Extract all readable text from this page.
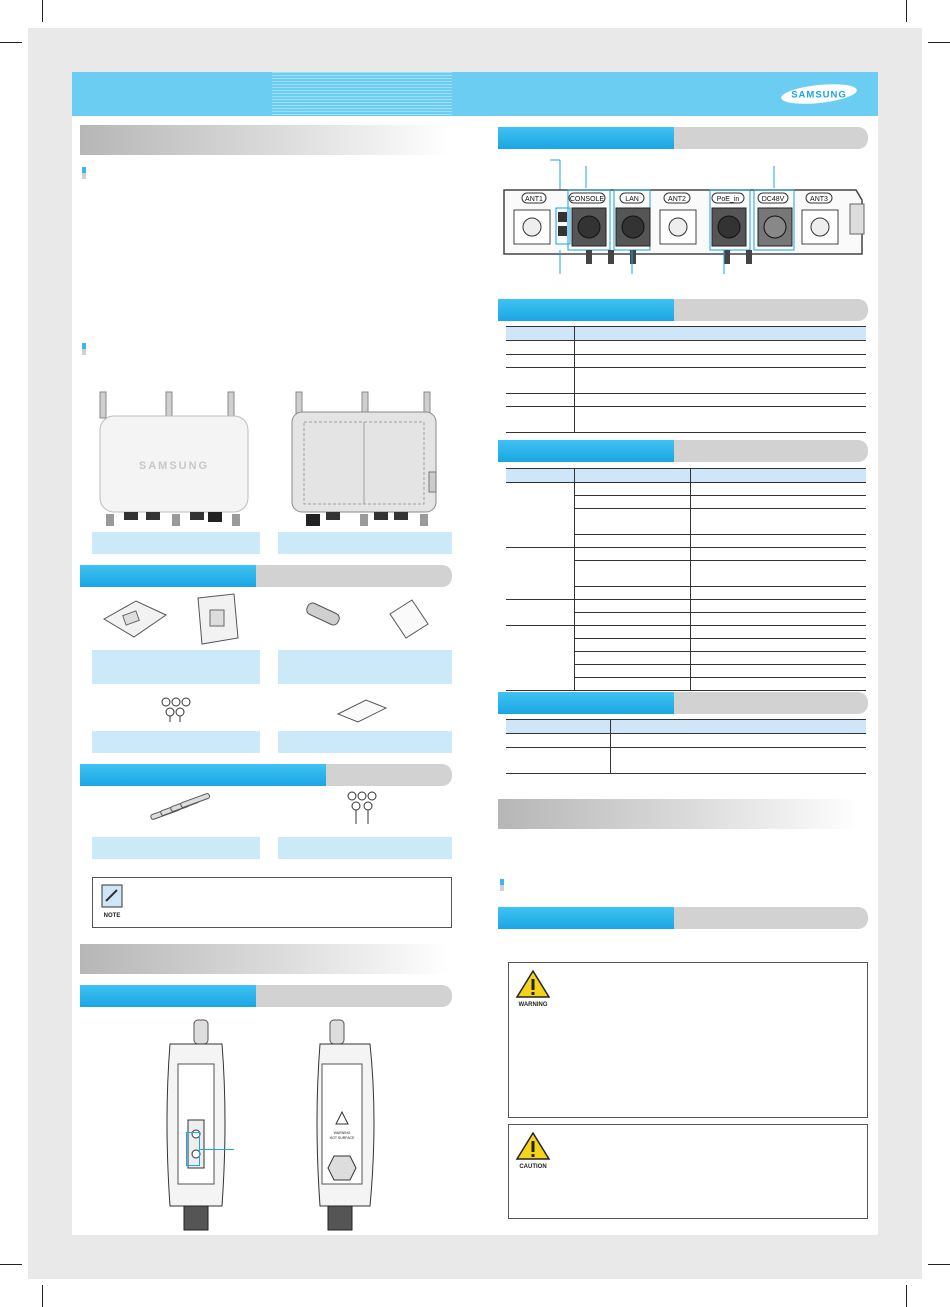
SAMSUNG
SAMSUNG
NOTE
WARNING
HOT SURFACE
ANT1	CONSOLE	LAN	ANT2	PoE_in	DC48V	ANT3

WARNING
CAUTION
